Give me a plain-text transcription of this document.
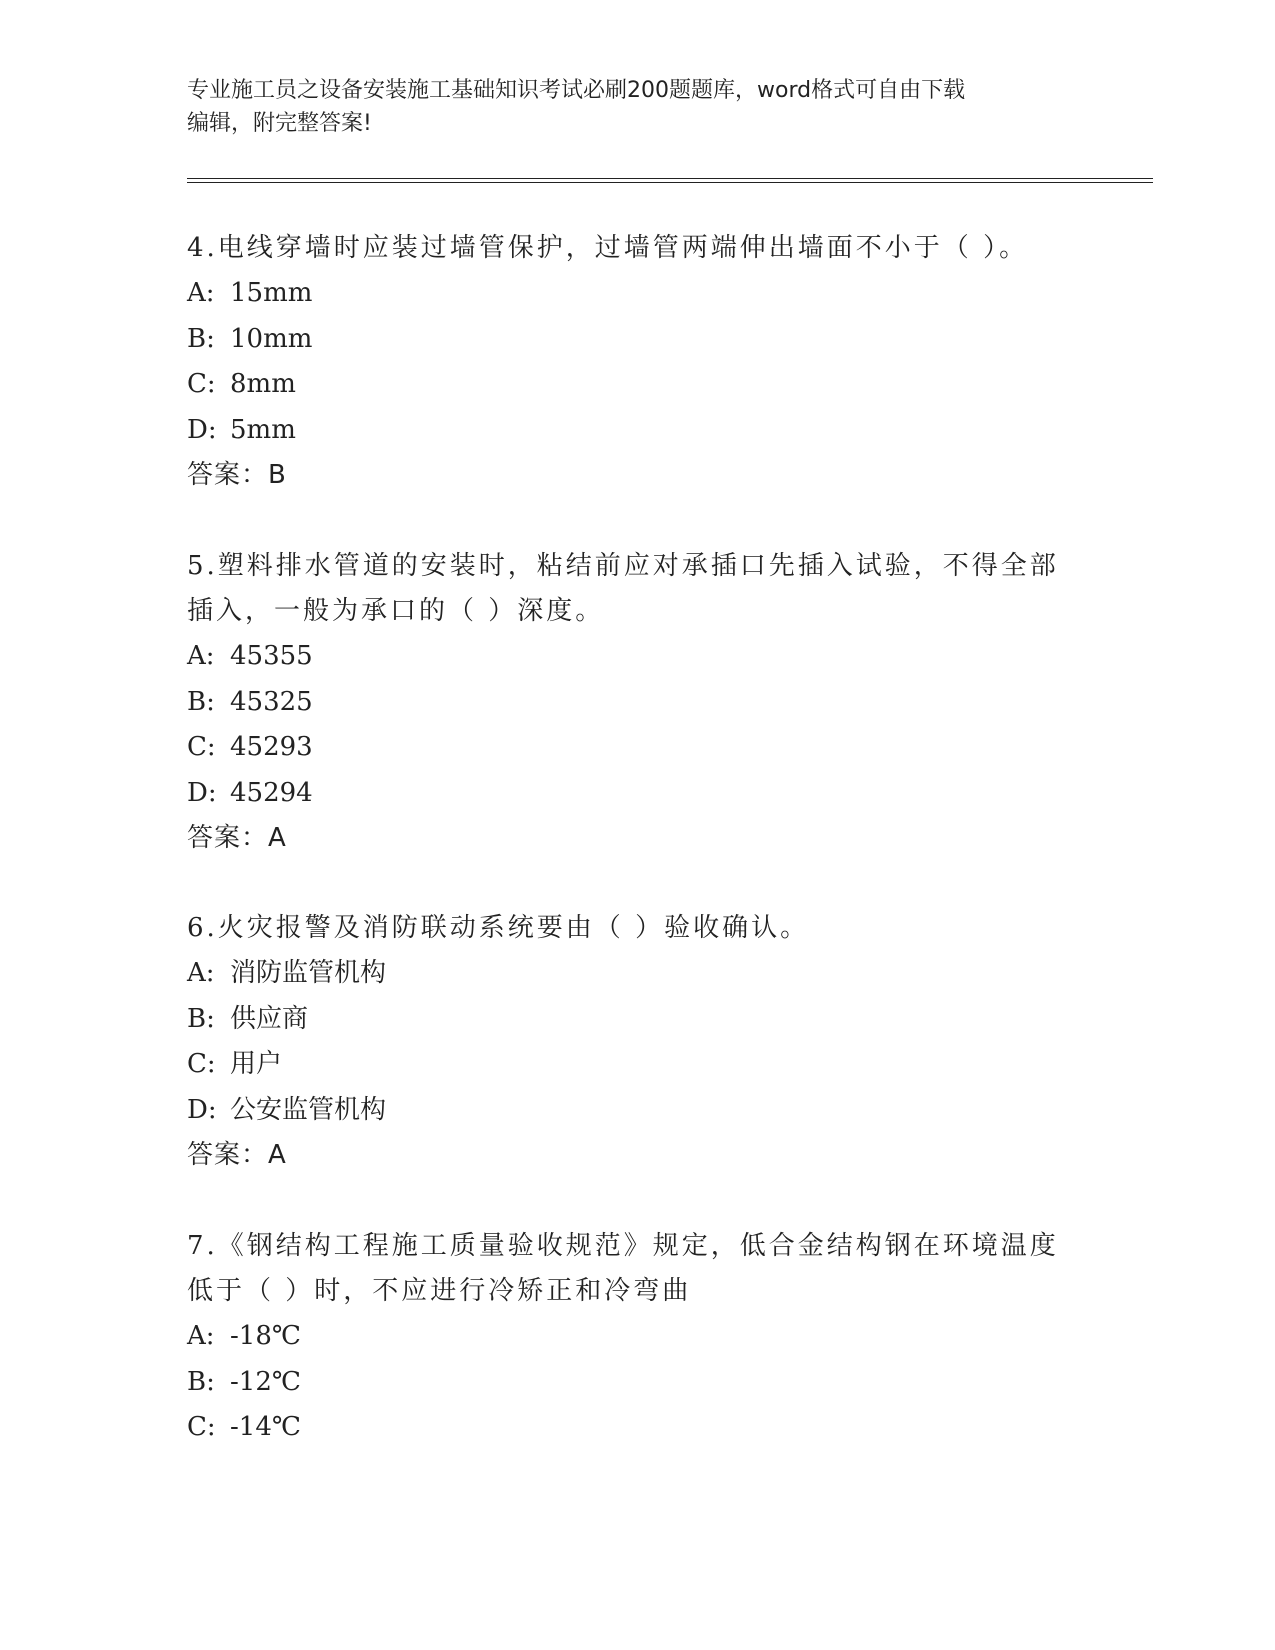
专业施工员之设备安装施工基础知识考试必刷200题题库，word格式可自由下载
编辑，附完整答案!
4.电线穿墙时应装过墙管保护，过墙管两端伸出墙面不小于（ ）。
A: 15mm
B: 10mm
C: 8mm
D: 5mm
答案：B
5.塑料排水管道的安装时，粘结前应对承插口先插入试验，不得全部
插入，一般为承口的（ ）深度。
A: 45355
B: 45325
C: 45293
D: 45294
答案：A
6.火灾报警及消防联动系统要由（ ）验收确认。
A: 消防监管机构
B: 供应商
C: 用户
D: 公安监管机构
答案：A
7.《钢结构工程施工质量验收规范》规定，低合金结构钢在环境温度
低于（ ）时，不应进行冷矫正和冷弯曲
A: -18℃
B: -12℃
C: -14℃
